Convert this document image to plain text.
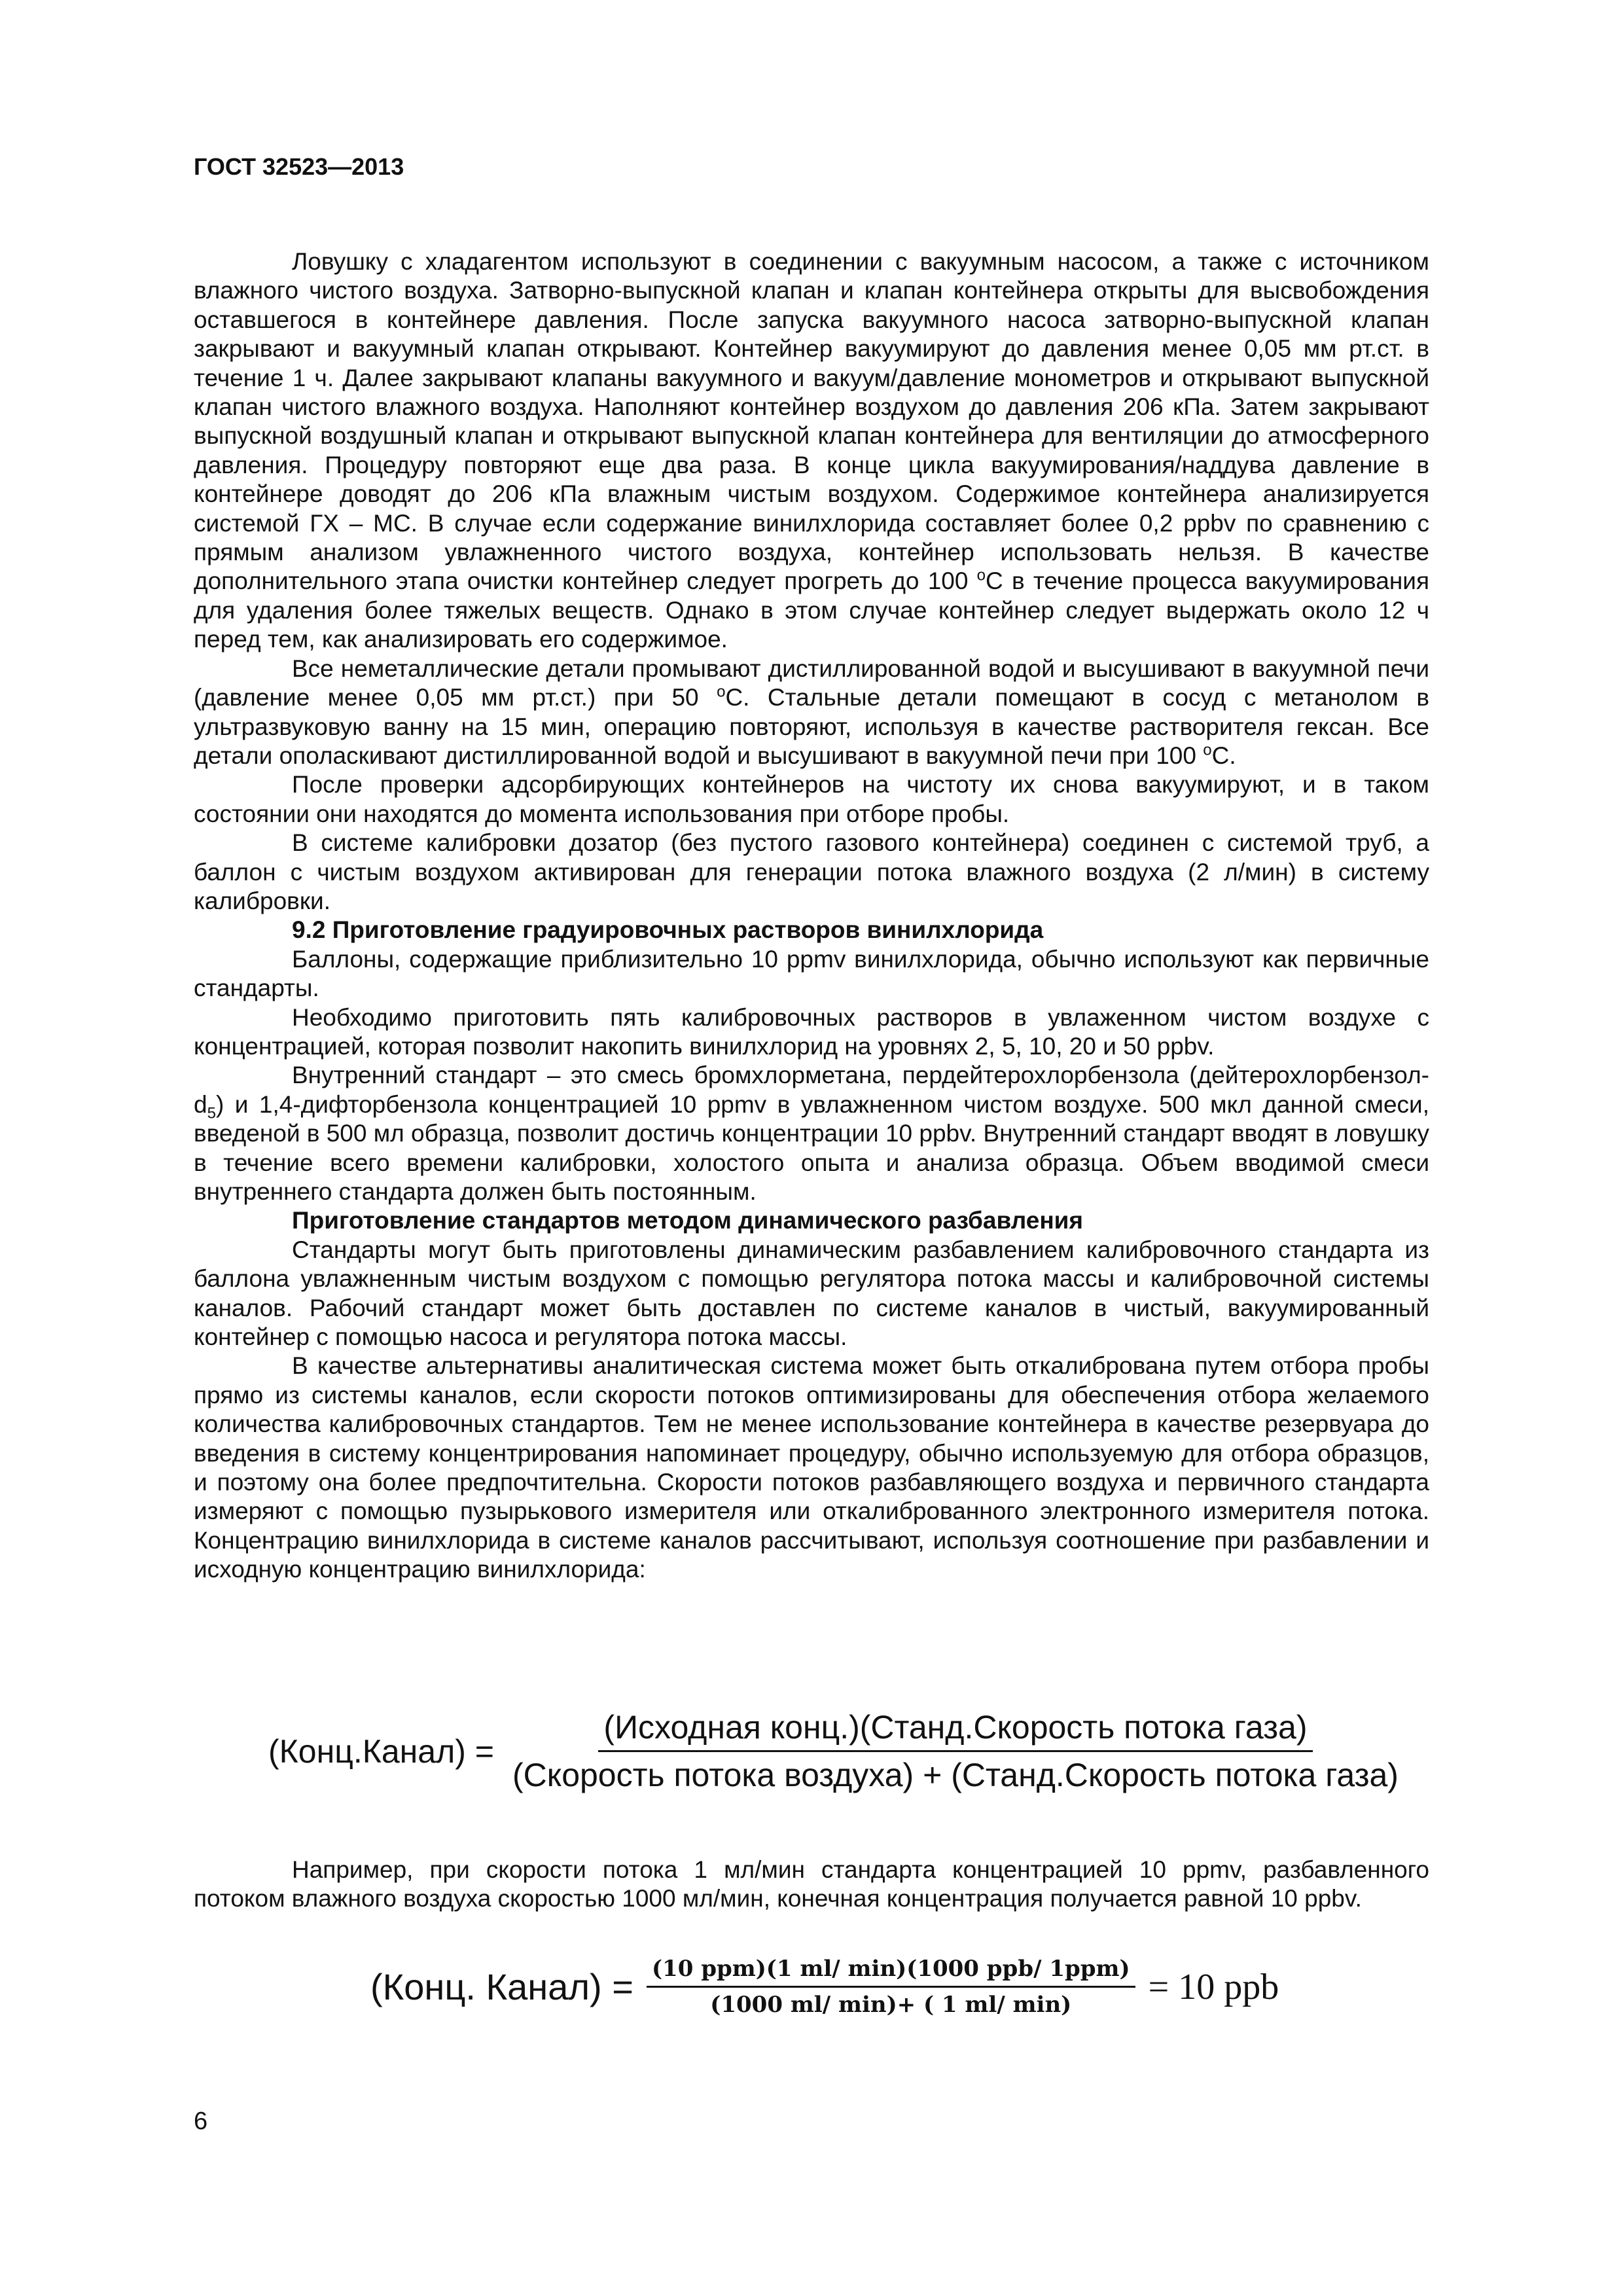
ГОСТ 32523—2013

Ловушку с хладагентом используют в соединении с вакуумным насосом, а также с источником влажного чистого воздуха. Затворно-выпускной клапан и клапан контейнера открыты для высвобождения оставшегося в контейнере давления. После запуска вакуумного насоса затворно-выпускной клапан закрывают и вакуумный клапан открывают. Контейнер вакуумируют до давления менее 0,05 мм рт.ст. в течение 1 ч. Далее закрывают клапаны вакуумного и вакуум/давление монометров и открывают выпускной клапан чистого влажного воздуха. Наполняют контейнер воздухом до давления 206 кПа. Затем закрывают выпускной воздушный клапан и открывают выпускной клапан контейнера для вентиляции до атмосферного давления. Процедуру повторяют еще два раза. В конце цикла вакуумирования/наддува давление в контейнере доводят до 206 кПа влажным чистым воздухом. Содержимое контейнера анализируется системой ГХ – МС. В случае если содержание винилхлорида составляет более 0,2 ppbv по сравнению с прямым анализом увлажненного чистого воздуха, контейнер использовать нельзя. В качестве дополнительного этапа очистки контейнер следует прогреть до 100 $^o$С в течение процесса вакуумирования для удаления более тяжелых веществ. Однако в этом случае контейнер следует выдержать около 12 ч перед тем, как анализировать его содержимое.

Все неметаллические детали промывают дистиллированной водой и высушивают в вакуумной печи (давление менее 0,05 мм рт.ст.) при 50 $^o$С. Стальные детали помещают в сосуд с метанолом в ультразвуковую ванну на 15 мин, операцию повторяют, используя в качестве растворителя гексан. Все детали ополаскивают дистиллированной водой и высушивают в вакуумной печи при 100 $^o$С.

После проверки адсорбирующих контейнеров на чистоту их снова вакуумируют, и в таком состоянии они находятся до момента использования при отборе пробы.

В системе калибровки дозатор (без пустого газового контейнера) соединен с системой труб, а баллон с чистым воздухом активирован для генерации потока влажного воздуха (2 л/мин) в систему калибровки.

9.2 Приготовление градуировочных растворов винилхлорида

Баллоны, содержащие приблизительно 10 ppmv винилхлорида, обычно используют как первичные стандарты.

Необходимо приготовить пять калибровочных растворов в увлаженном чистом воздухе с концентрацией, которая позволит накопить винилхлорид на уровнях 2, 5, 10, 20 и 50 ppbv.

Внутренний стандарт – это смесь бромхлорметана, пердейтерохлорбензола $(дейтерохлорбензол-d_5)$ и 1,4-дифторбензола концентрацией 10 ppmv в увлажненном чистом воздухе. 500 мкл данной смеси, введеной в 500 мл образца, позволит достичь концентрации 10 ppbv. Внутренний стандарт вводят в ловушку в течение всего времени калибровки, холостого опыта и анализа образца. Объем вводимой смеси внутреннего стандарта должен быть постоянным.

Приготовление стандартов методом динамического разбавления

Стандарты могут быть приготовлены динамическим разбавлением калибровочного стандарта из баллона увлажненным чистым воздухом с помощью регулятора потока массы и калибровочной системы каналов. Рабочий стандарт может быть доставлен по системе каналов в чистый, вакуумированный контейнер с помощью насоса и регулятора потока массы.

В качестве альтернативы аналитическая система может быть откалибрована путем отбора пробы прямо из системы каналов, если скорости потоков оптимизированы для обеспечения отбора желаемого количества калибровочных стандартов. Тем не менее использование контейнера в качестве резервуара до введения в систему концентрирования напоминает процедуру, обычно используемую для отбора образцов, и поэтому она более предпочтительна. Скорости потоков разбавляющего воздуха и первичного стандарта измеряют с помощью пузырькового измерителя или откалиброванного электронного измерителя потока. Концентрацию винилхлорида в системе каналов рассчитывают, используя соотношение при разбавлении и исходную концентрацию винилхлорида:

(Конц.Канал) = $\frac{\text{(Исходная конц.)(Станд.Скорость потока газа)}}{\text{(Скорость потока воздуха) + (Станд.Скорость потока газа)}}$

Например, при скорости потока 1 мл/мин стандарта концентрацией 10 ppmv, разбавленного потоком влажного воздуха скоростью 1000 мл/мин, конечная концентрация получается равной 10 ppbv.

(Конц. Канал) = $\frac{\text{(10 ppm)(1 ml/ min)(1000 ppb/ 1ppm)}}{(1000 ml/ \min)+ ( 1 ml/ \min)} = 10$ ppb
6
